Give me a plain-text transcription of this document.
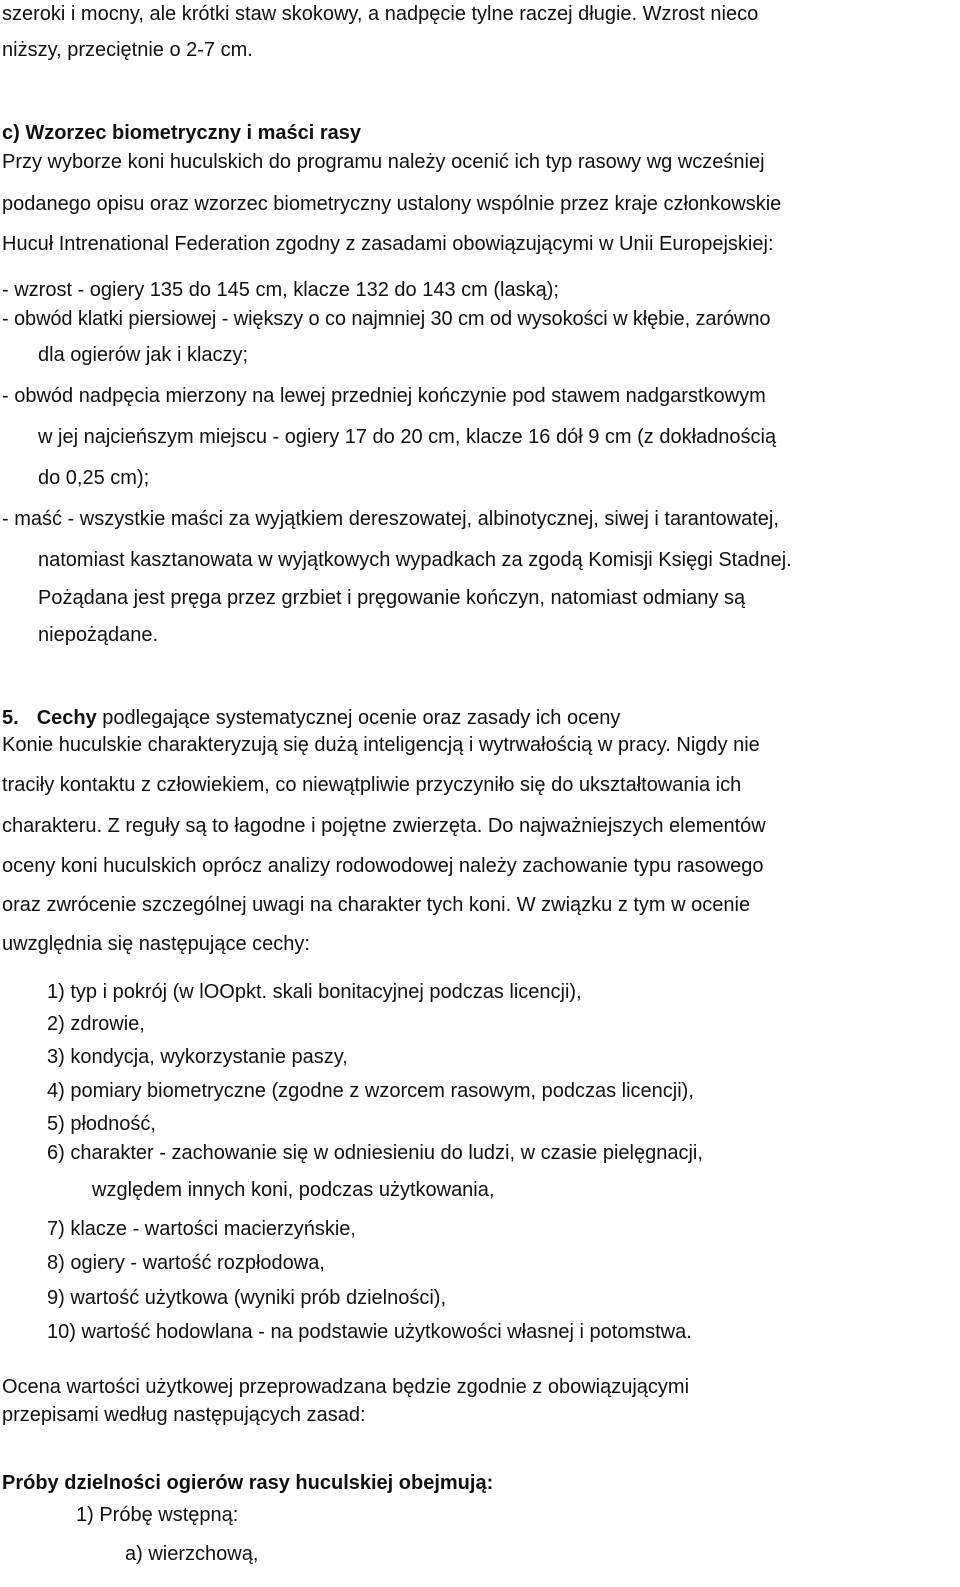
szeroki i mocny, ale krótki staw skokowy, a nadpęcie tylne raczej długie. Wzrost nieco
niższy, przeciętnie o 2-7 cm.
c) Wzorzec biometryczny i maści rasy
Przy wyborze koni huculskich do programu należy ocenić ich typ rasowy wg wcześniej
podanego opisu oraz wzorzec biometryczny ustalony wspólnie przez kraje członkowskie
Hucuł Intrenational Federation zgodny z zasadami obowiązującymi w Unii Europejskiej:
- wzrost - ogiery 135 do 145 cm, klacze 132 do 143 cm (laską);
- obwód klatki piersiowej - większy o co najmniej 30 cm od wysokości w kłębie, zarówno
dla ogierów jak i klaczy;
- obwód nadpęcia mierzony na lewej przedniej kończynie pod stawem nadgarstkowym
w jej najcieńszym miejscu - ogiery 17 do 20 cm, klacze 16 dół 9 cm (z dokładnością
do 0,25 cm);
- maść - wszystkie maści za wyjątkiem dereszowatej, albinotycznej, siwej i tarantowatej,
natomiast kasztanowata w wyjątkowych wypadkach za zgodą Komisji Księgi Stadnej.
Pożądana jest pręga przez grzbiet i pręgowanie kończyn, natomiast odmiany są
niepożądane.
5. Cechy podlegające systematycznej ocenie oraz zasady ich oceny
Konie huculskie charakteryzują się dużą inteligencją i wytrwałością w pracy. Nigdy nie
traciły kontaktu z człowiekiem, co niewątpliwie przyczyniło się do ukształtowania ich
charakteru. Z reguły są to łagodne i pojętne zwierzęta. Do najważniejszych elementów
oceny koni huculskich oprócz analizy rodowodowej należy zachowanie typu rasowego
oraz zwrócenie szczególnej uwagi na charakter tych koni. W związku z tym w ocenie
uwzględnia się następujące cechy:
1) typ i pokrój (w lOOpkt. skali bonitacyjnej podczas licencji),
2) zdrowie,
3) kondycja, wykorzystanie paszy,
4) pomiary biometryczne (zgodne z wzorcem rasowym, podczas licencji),
5) płodność,
6) charakter - zachowanie się w odniesieniu do ludzi, w czasie pielęgnacji,
względem innych koni, podczas użytkowania,
7) klacze - wartości macierzyńskie,
8) ogiery - wartość rozpłodowa,
9) wartość użytkowa (wyniki prób dzielności),
10) wartość hodowlana - na podstawie użytkowości własnej i potomstwa.
Ocena wartości użytkowej przeprowadzana będzie zgodnie z obowiązującymi
przepisami według następujących zasad:
Próby dzielności ogierów rasy huculskiej obejmują:
1) Próbę wstępną:
a) wierzchową,
